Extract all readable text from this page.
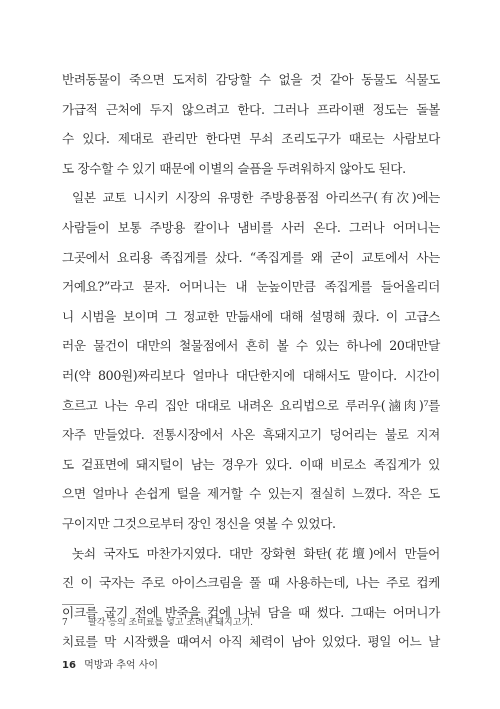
반려동물이 죽으면 도저히 감당할 수 없을 것 같아 동물도 식물도
가급적 근처에 두지 않으려고 한다. 그러나 프라이팬 정도는 돌볼
수 있다. 제대로 관리만 한다면 무쇠 조리도구가 때로는 사람보다
도 장수할 수 있기 때문에 이별의 슬픔을 두려워하지 않아도 된다.
일본 교토 니시키 시장의 유명한 주방용품점 아리쓰구(有次)에는
사람들이 보통 주방용 칼이나 냄비를 사러 온다. 그러나 어머니는
그곳에서 요리용 족집게를 샀다. “족집게를 왜 굳이 교토에서 사는
거예요?”라고 묻자. 어머니는 내 눈높이만큼 족집게를 들어올리더
니 시범을 보이며 그 정교한 만듦새에 대해 설명해 줬다. 이 고급스
러운 물건이 대만의 철물점에서 흔히 볼 수 있는 하나에 20대만달
러(약 800원)짜리보다 얼마나 대단한지에 대해서도 말이다. 시간이
흐르고 나는 우리 집안 대대로 내려온 요리법으로 루러우(滷肉)⁷를
자주 만들었다. 전통시장에서 사온 흑돼지고기 덩어리는 불로 지져
도 겉표면에 돼지털이 남는 경우가 있다. 이때 비로소 족집게가 있
으면 얼마나 손쉽게 털을 제거할 수 있는지 절실히 느꼈다. 작은 도
구이지만 그것으로부터 장인 정신을 엿볼 수 있었다.
놋쇠 국자도 마찬가지였다. 대만 장화현 화탄(花壇)에서 만들어
진 이 국자는 주로 아이스크림을 풀 때 사용하는데, 나는 주로 컵케
이크를 굽기 전에 반죽을 컵에 나눠 담을 때 썼다. 그때는 어머니가
치료를 막 시작했을 때여서 아직 체력이 남아 있었다. 평일 어느 날
7 팔각 등의 조미료를 넣고 조려낸 돼지고기.
16 먹방과 추억 사이
